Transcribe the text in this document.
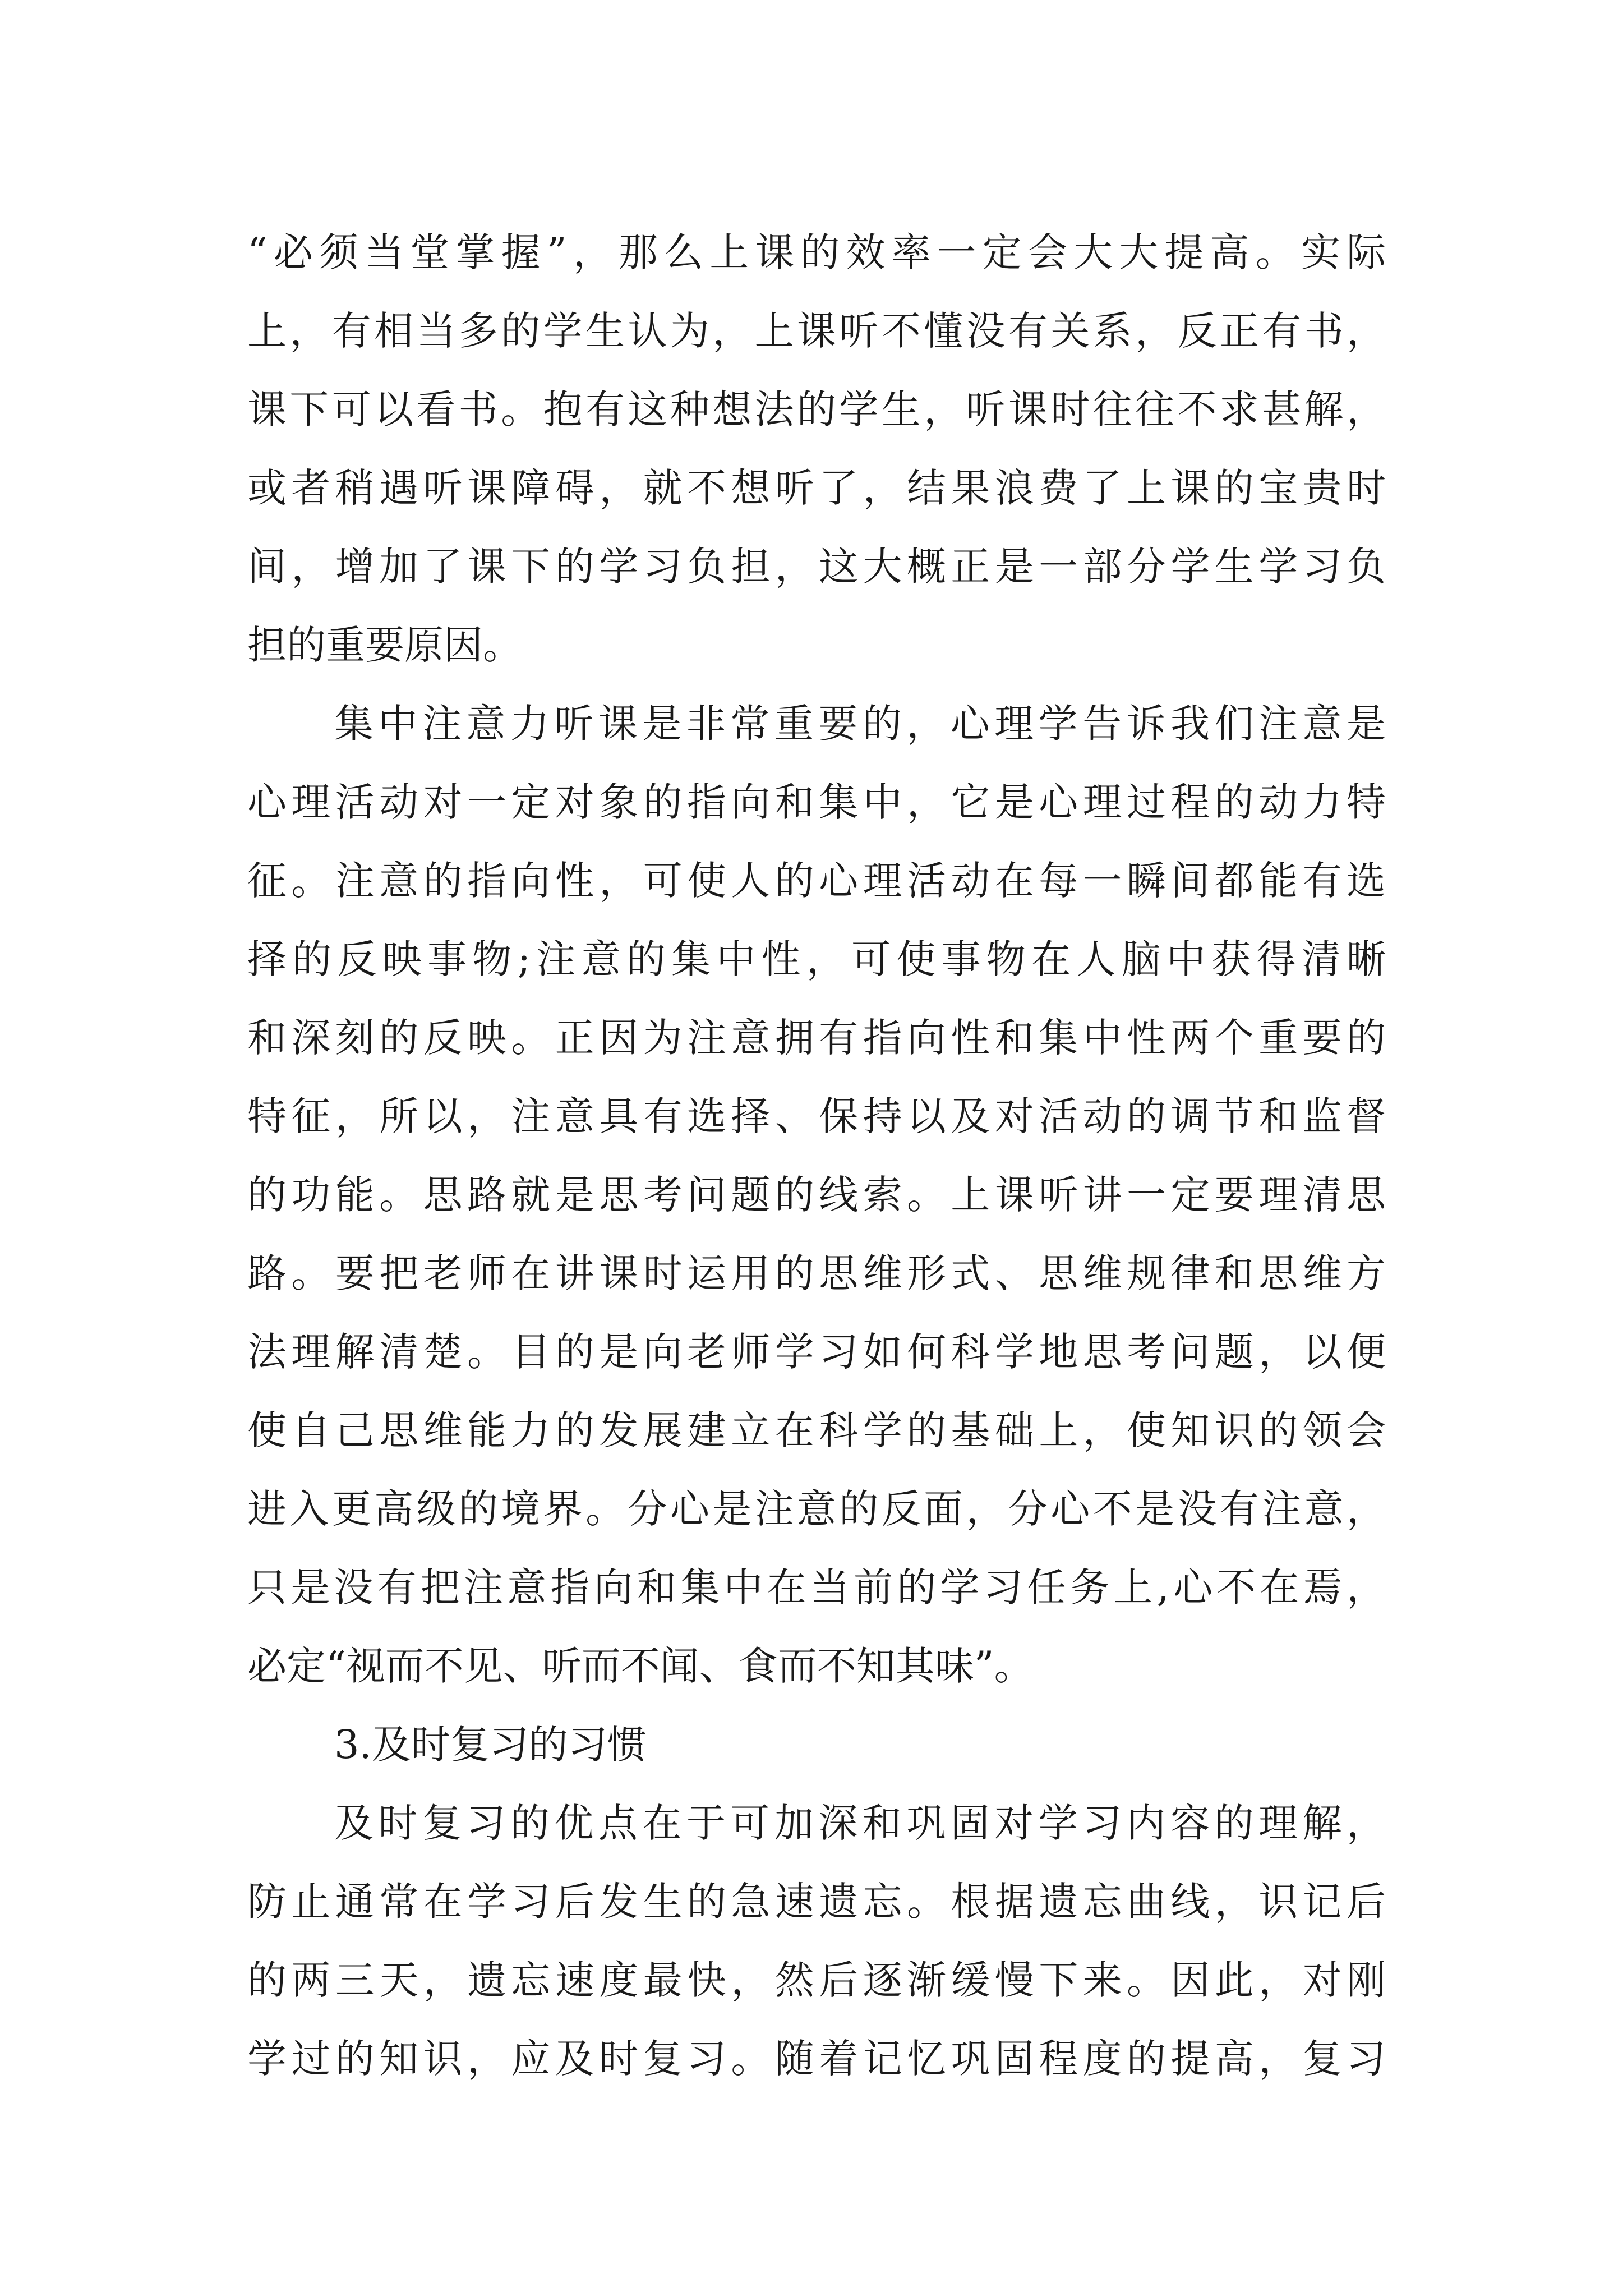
“必须当堂掌握”，那么上课的效率一定会大大提高。实际
上，有相当多的学生认为，上课听不懂没有关系，反正有书，
课下可以看书。抱有这种想法的学生，听课时往往不求甚解，
或者稍遇听课障碍，就不想听了，结果浪费了上课的宝贵时
间，增加了课下的学习负担，这大概正是一部分学生学习负
担的重要原因。
集中注意力听课是非常重要的，心理学告诉我们注意是
心理活动对一定对象的指向和集中，它是心理过程的动力特
征。注意的指向性，可使人的心理活动在每一瞬间都能有选
择的反映事物;注意的集中性，可使事物在人脑中获得清晰
和深刻的反映。正因为注意拥有指向性和集中性两个重要的
特征，所以，注意具有选择、保持以及对活动的调节和监督
的功能。思路就是思考问题的线索。上课听讲一定要理清思
路。要把老师在讲课时运用的思维形式、思维规律和思维方
法理解清楚。目的是向老师学习如何科学地思考问题，以便
使自己思维能力的发展建立在科学的基础上，使知识的领会
进入更高级的境界。分心是注意的反面，分心不是没有注意，
只是没有把注意指向和集中在当前的学习任务上,心不在焉，
必定“视而不见、听而不闻、食而不知其味”。
3.及时复习的习惯
及时复习的优点在于可加深和巩固对学习内容的理解，
防止通常在学习后发生的急速遗忘。根据遗忘曲线，识记后
的两三天，遗忘速度最快，然后逐渐缓慢下来。因此，对刚
学过的知识，应及时复习。随着记忆巩固程度的提高，复习
